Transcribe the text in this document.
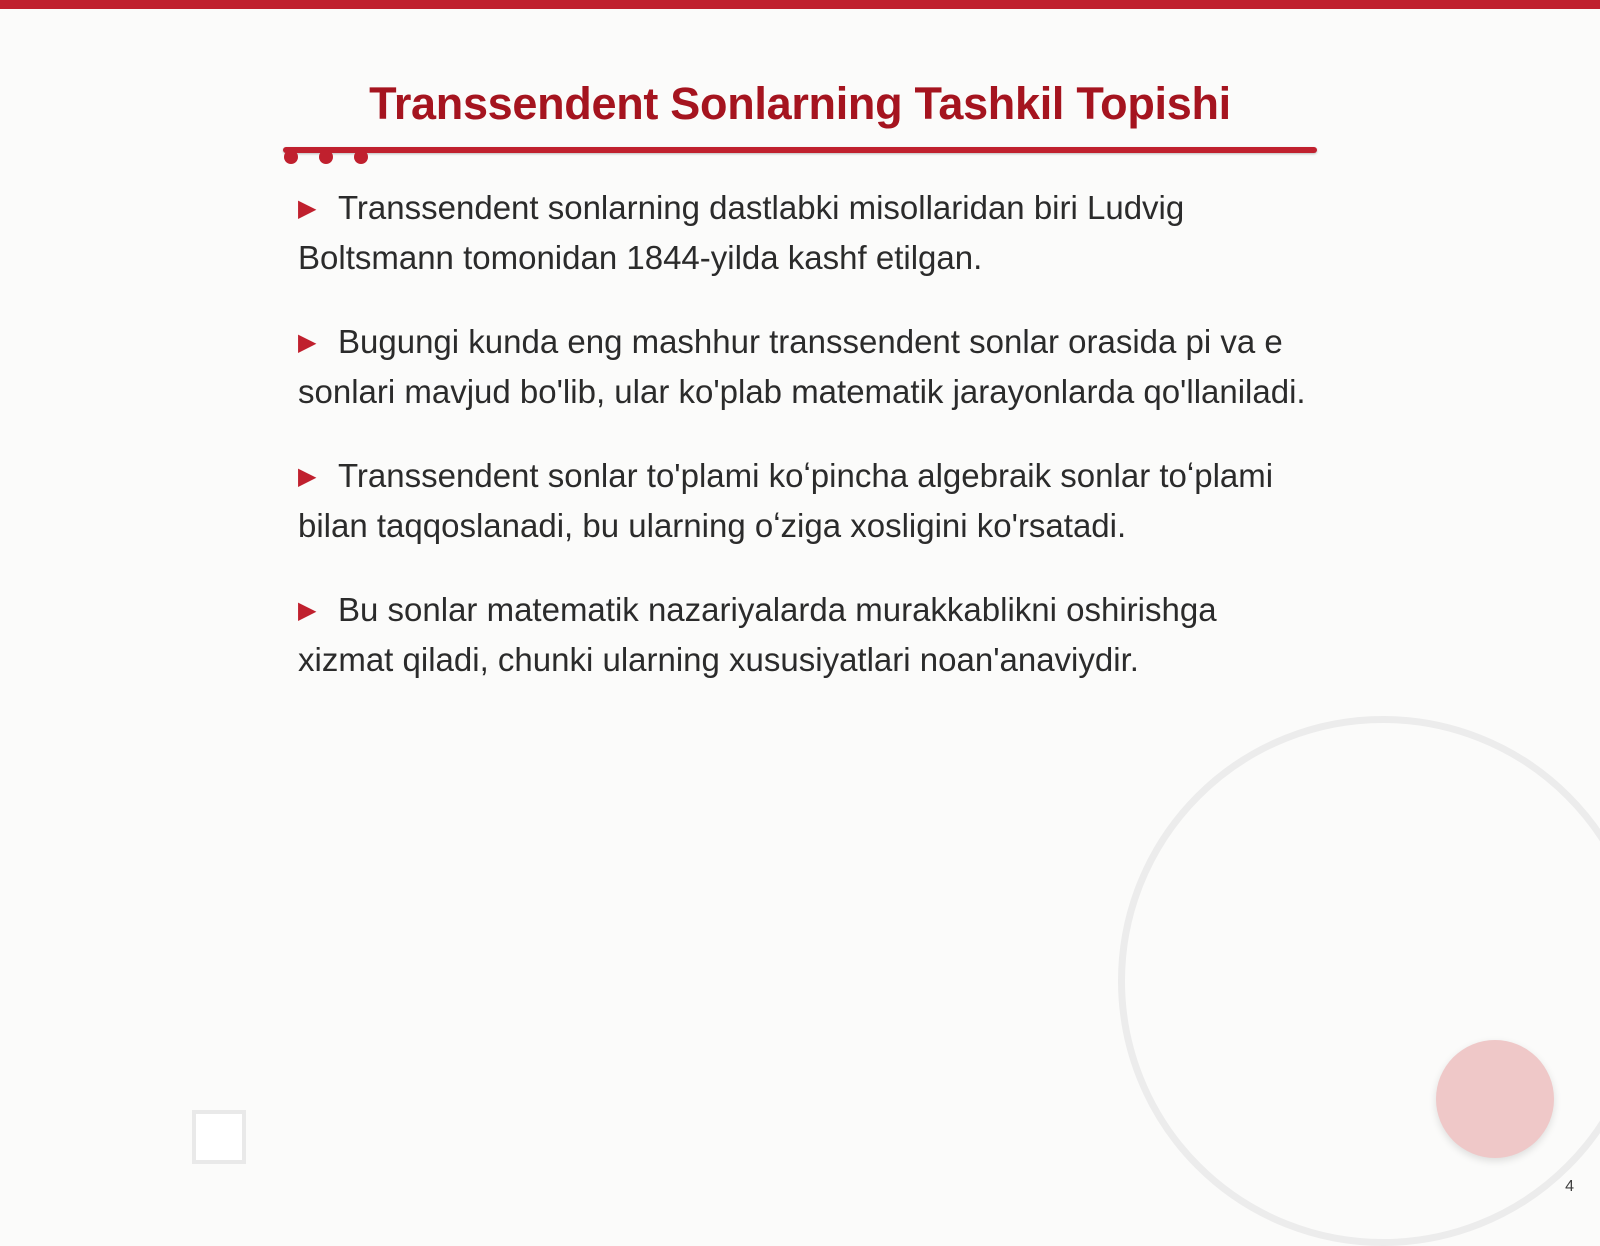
Transsendent Sonlarning Tashkil Topishi
▶ Transsendent sonlarning dastlabki misollaridan biri Ludvig Boltsmann tomonidan 1844-yilda kashf etilgan.
▶ Bugungi kunda eng mashhur transsendent sonlar orasida pi va e sonlari mavjud bo'lib, ular ko'plab matematik jarayonlarda qo'llaniladi.
▶ Transsendent sonlar to'plami koʻpincha algebraik sonlar toʻplami bilan taqqoslanadi, bu ularning oʻziga xosligini ko'rsatadi.
▶ Bu sonlar matematik nazariyalarda murakkablikni oshirishga xizmat qiladi, chunki ularning xususiyatlari noan'anaviydir.
4
